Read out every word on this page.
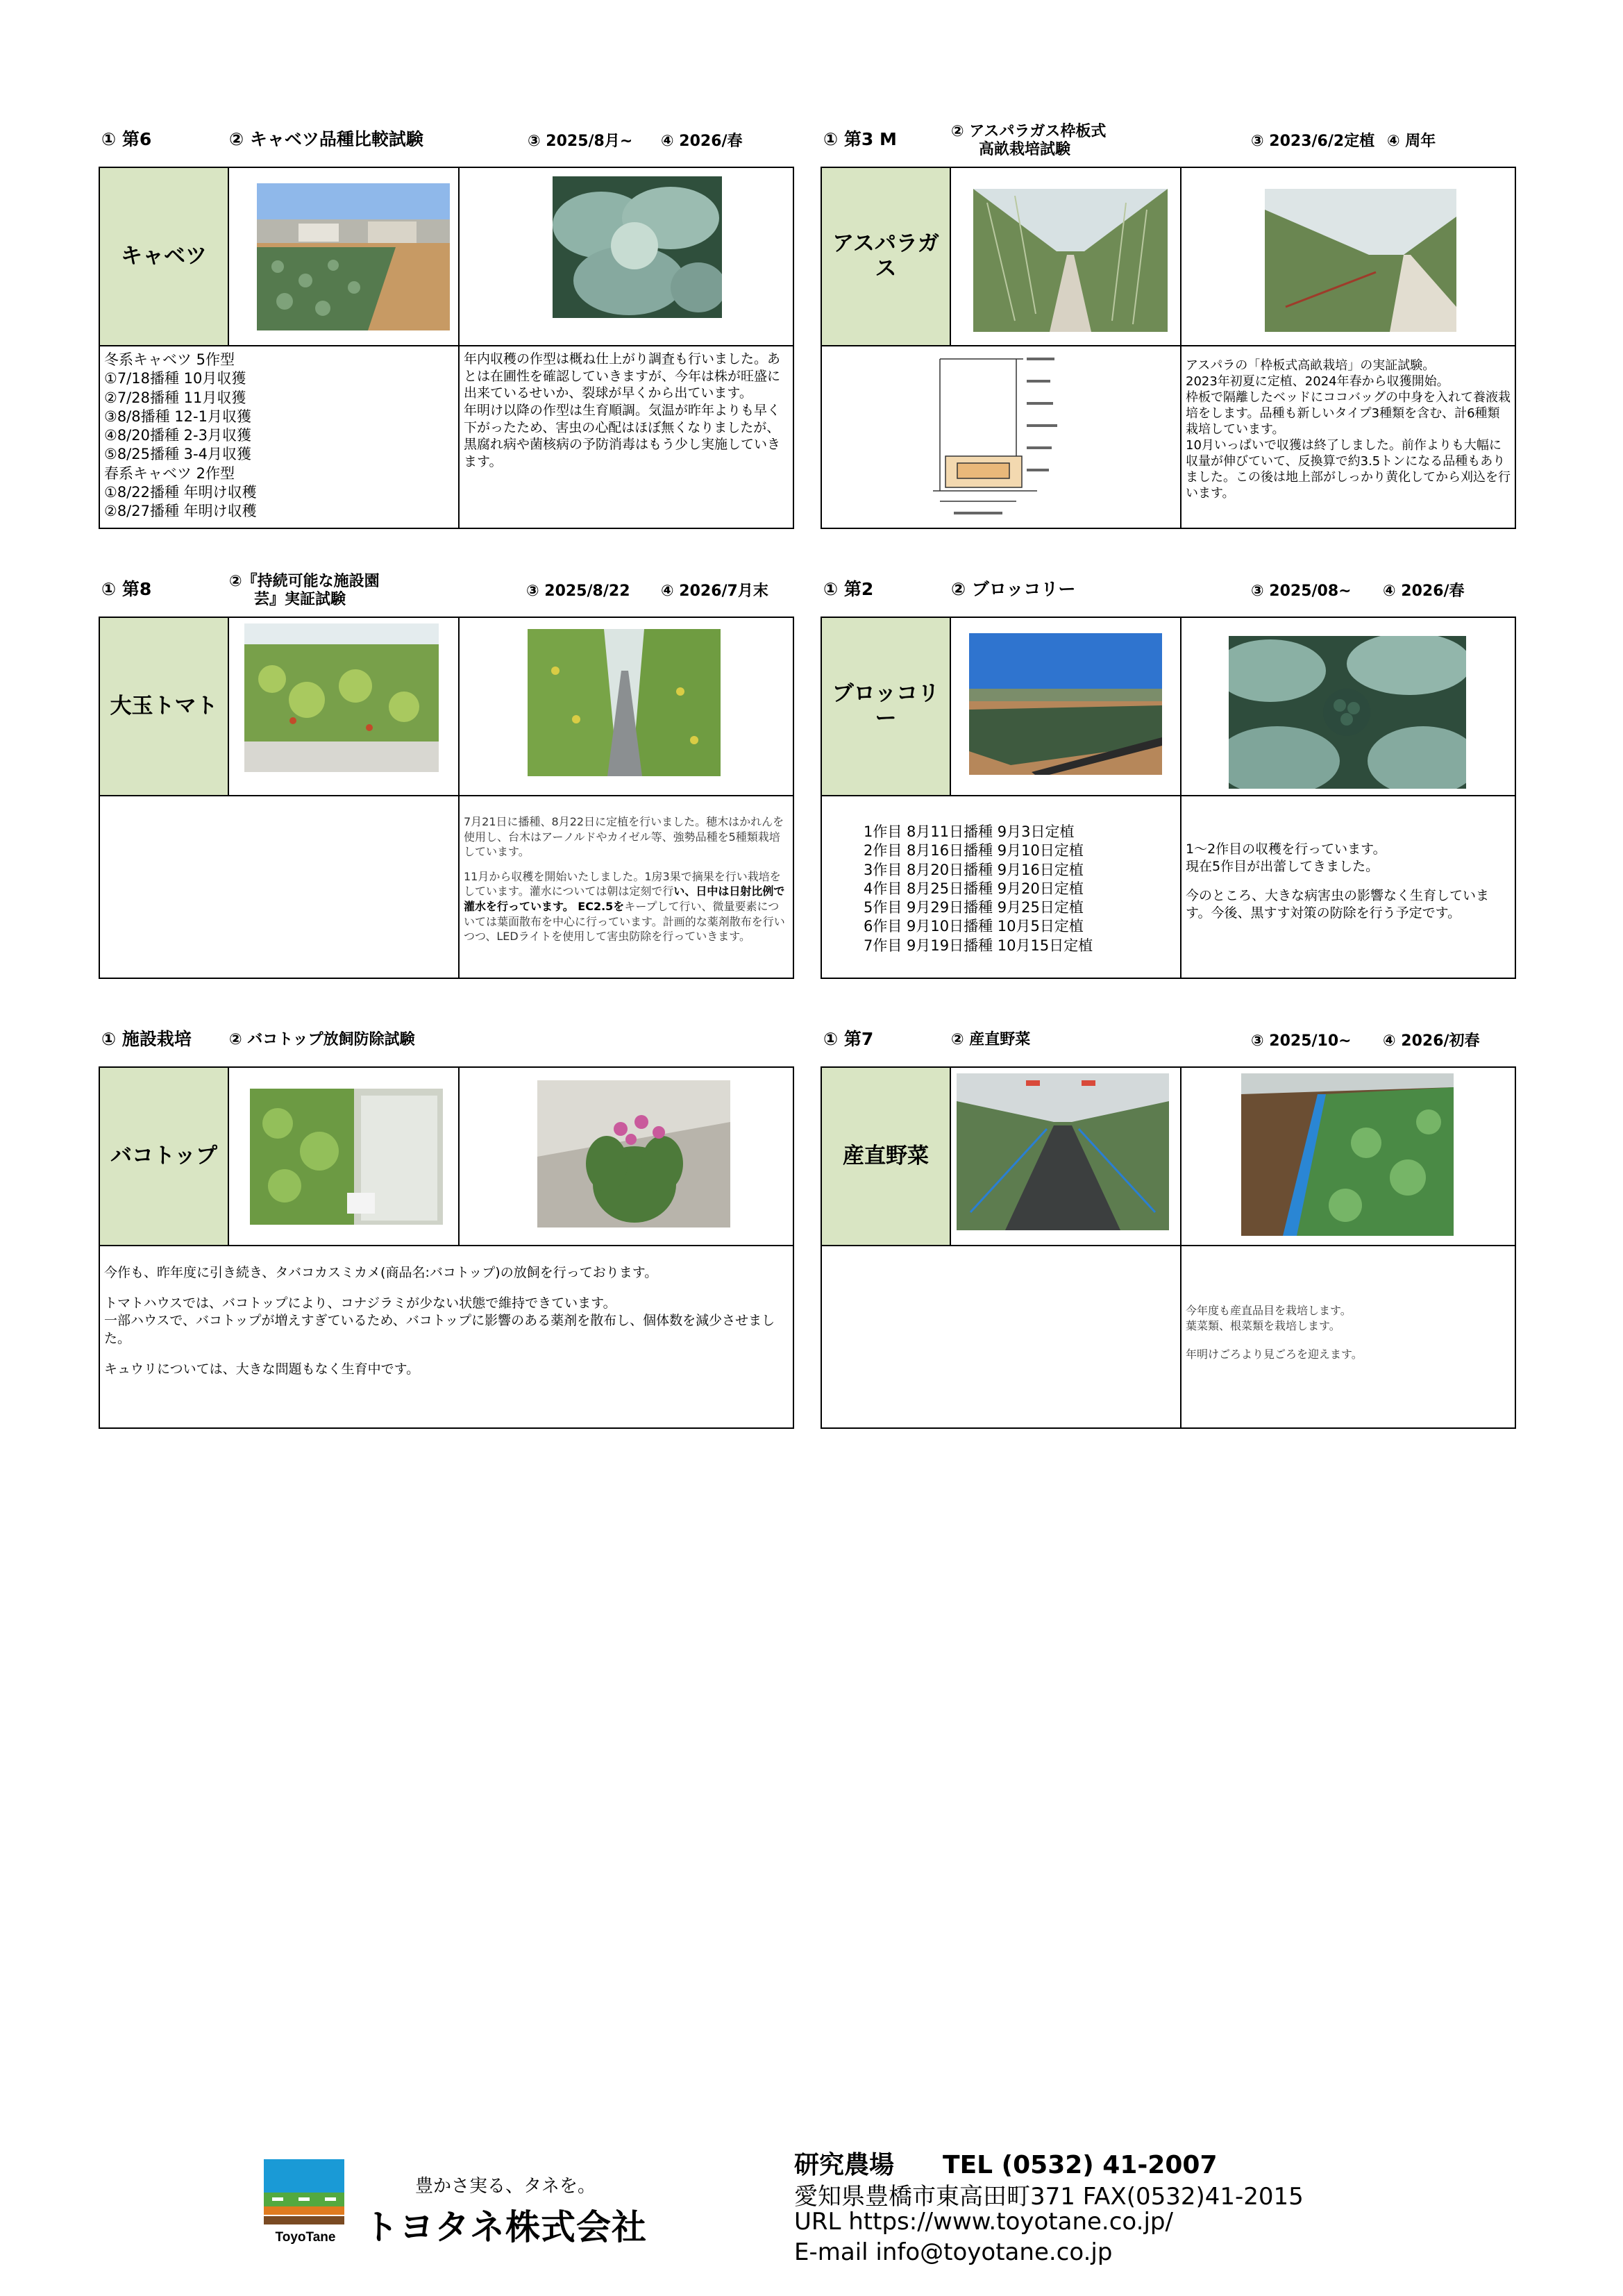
① 第6	② キャベツ品種比較試験	③ 2025/8月~ ④ 2026/春
キャベツ

冬系キャベツ 5作型

①7/18播種 10月収獲

②7/28播種 11月収獲

③8/8播種 12-1月収獲

④8/20播種 2-3月収獲

⑤8/25播種 3-4月収獲

春系キャベツ 2作型

①8/22播種 年明け収穫

②8/27播種 年明け収穫

年内収穫の作型は概ね仕上がり調査も行いました。あとは在圃性を確認していきますが、今年は株が旺盛に出来ているせいか、裂球が早くから出ています。
年明け以降の作型は生育順調。気温が昨年よりも早く下がったため、害虫の心配はほぼ無くなりましたが、黒腐れ病や菌核病の予防消毒はもう少し実施していきます。
① 第3 M	② アスパラガス枠板式
高畝栽培試験	③ 2023/6/2定植 ④ 周年
アスパラガス
アスパラの「枠板式高畝栽培」の実証試験。
2023年初夏に定植、2024年春から収獲開始。
枠板で隔離したベッドにココバッグの中身を入れて養液栽培をします。品種も新しいタイプ3種類を含む、計6種類栽培しています。
10月いっぱいで収獲は終了しました。前作よりも大幅に収量が伸びていて、反換算で約3.5トンになる品種もありました。この後は地上部がしっかり黄化してから刈込を行います。
① 第8	②『持続可能な施設園
芸』実証試験	③ 2025/8/22 ④ 2026/7月末
大玉トマト

7月21日に播種、8月22日に定植を行いました。穂木はかれんを使用し、台木はアーノルドやカイゼル等、強勢品種を5種類栽培しています。

11月から収穫を開始いたしました。1房3果で摘果を行い栽培をしています。灌水については朝は定刻で行い、日中は日射比例で灌水を行っています。 EC2.5をキープして行い、微量要素については葉面散布を中心に行っています。計画的な薬剤散布を行いつつ、LEDライトを使用して害虫防除を行っていきます。

① 第2	② ブロッコリー	③ 2025/08~ ④ 2026/春
ブロッコリー

1作目 8月11日播種 9月3日定植

2作目 8月16日播種 9月10日定植

3作目 8月20日播種 9月16日定植

4作目 8月25日播種 9月20日定植

5作目 9月29日播種 9月25日定植

6作目 9月10日播種 10月5日定植

7作目 9月19日播種 10月15日定植

1～2作目の収穫を行っています。
現在5作目が出蕾してきました。

今のところ、大きな病害虫の影響なく生育しています。今後、黒すす対策の防除を行う予定です。

① 施設栽培 ② バコトップ放飼防除試験
バコトップ

今作も、昨年度に引き続き、タバコカスミカメ(商品名:バコトップ)の放飼を行っております。

トマトハウスでは、バコトップにより、コナジラミが少ない状態で維持できています。
一部ハウスで、バコトップが増えすぎているため、バコトップに影響のある薬剤を散布し、個体数を減少させました。

キュウリについては、大きな問題もなく生育中です。

① 第7	② 産直野菜	③ 2025/10~ ④ 2026/初春
産直野菜

今年度も産直品目を栽培します。
葉菜類、根菜類を栽培します。

年明けごろより見ごろを迎えます。

ToyoTane
豊かさ実る、タネを。
トヨタネ株式会社
研究農場 TEL (0532) 41-2007
愛知県豊橋市東高田町371 FAX(0532)41-2015
URL https://www.toyotane.co.jp/
E-mail info@toyotane.co.jp
